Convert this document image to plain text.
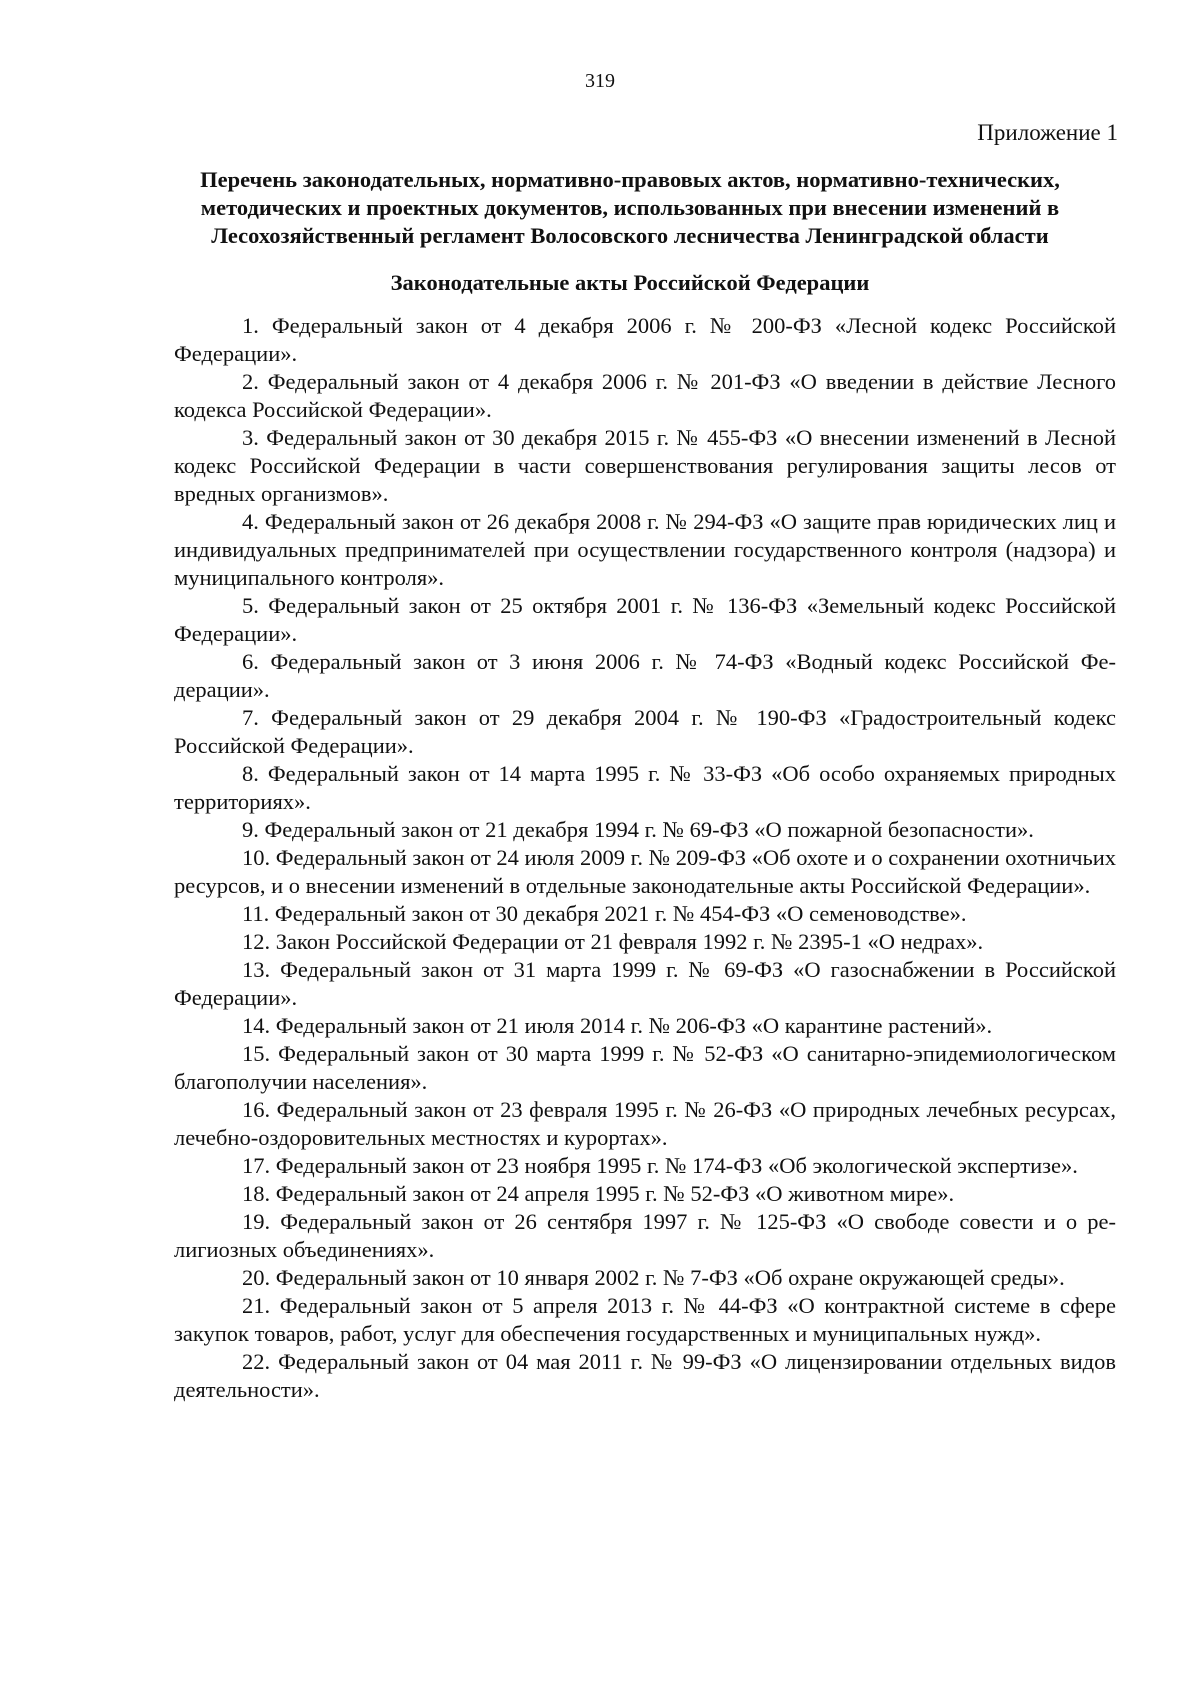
319
Приложение 1
Перечень законодательных, нормативно-правовых актов, нормативно-технических,
методических и проектных документов, использованных при внесении изменений в
Лесохозяйственный регламент Волосовского лесничества Ленинградской области
Законодательные акты Российской Федерации

1. Федеральный закон от 4 декабря 2006 г. № 200-ФЗ «Лесной кодекс Российской Федерации».

2. Федеральный закон от 4 декабря 2006 г. № 201-ФЗ «О введении в действие Лесного кодекса Российской Федерации».

3. Федеральный закон от 30 декабря 2015 г. № 455-ФЗ «О внесении изменений в Лесной кодекс Российской Федерации в части совершенствования регулирования защиты лесов от вредных организмов».

4. Федеральный закон от 26 декабря 2008 г. № 294-ФЗ «О защите прав юридических лиц и индивидуальных предпринимателей при осуществлении государственного контроля (надзора) и муниципального контроля».

5. Федеральный закон от 25 октября 2001 г. № 136-ФЗ «Земельный кодекс Российской Федерации».

6. Федеральный закон от 3 июня 2006 г. № 74-ФЗ «Водный кодекс Российской Федерации».

7. Федеральный закон от 29 декабря 2004 г. № 190-ФЗ «Градостроительный кодекс Российской Федерации».

8. Федеральный закон от 14 марта 1995 г. № 33-ФЗ «Об особо охраняемых природных территориях».

9. Федеральный закон от 21 декабря 1994 г. № 69-ФЗ «О пожарной безопасности».

10. Федеральный закон от 24 июля 2009 г. № 209-ФЗ «Об охоте и о сохранении охотничьих ресурсов, и о внесении изменений в отдельные законодательные акты Российской Федерации».

11. Федеральный закон от 30 декабря 2021 г. № 454-ФЗ «О семеноводстве».

12. Закон Российской Федерации от 21 февраля 1992 г. № 2395-1 «О недрах».

13. Федеральный закон от 31 марта 1999 г. № 69-ФЗ «О газоснабжении в Российской Федерации».

14. Федеральный закон от 21 июля 2014 г. № 206-ФЗ «О карантине растений».

15. Федеральный закон от 30 марта 1999 г. № 52-ФЗ «О санитарно-эпидемиологическом благополучии населения».

16. Федеральный закон от 23 февраля 1995 г. № 26-ФЗ «О природных лечебных ресурсах, лечебно-оздоровительных местностях и курортах».

17. Федеральный закон от 23 ноября 1995 г. № 174-ФЗ «Об экологической экспертизе».

18. Федеральный закон от 24 апреля 1995 г. № 52-ФЗ «О животном мире».

19. Федеральный закон от 26 сентября 1997 г. № 125-ФЗ «О свободе совести и о религиозных объединениях».

20. Федеральный закон от 10 января 2002 г. № 7-ФЗ «Об охране окружающей среды».

21. Федеральный закон от 5 апреля 2013 г. № 44-ФЗ «О контрактной системе в сфере закупок товаров, работ, услуг для обеспечения государственных и муниципальных нужд».

22. Федеральный закон от 04 мая 2011 г. № 99-ФЗ «О лицензировании отдельных видов деятельности».
